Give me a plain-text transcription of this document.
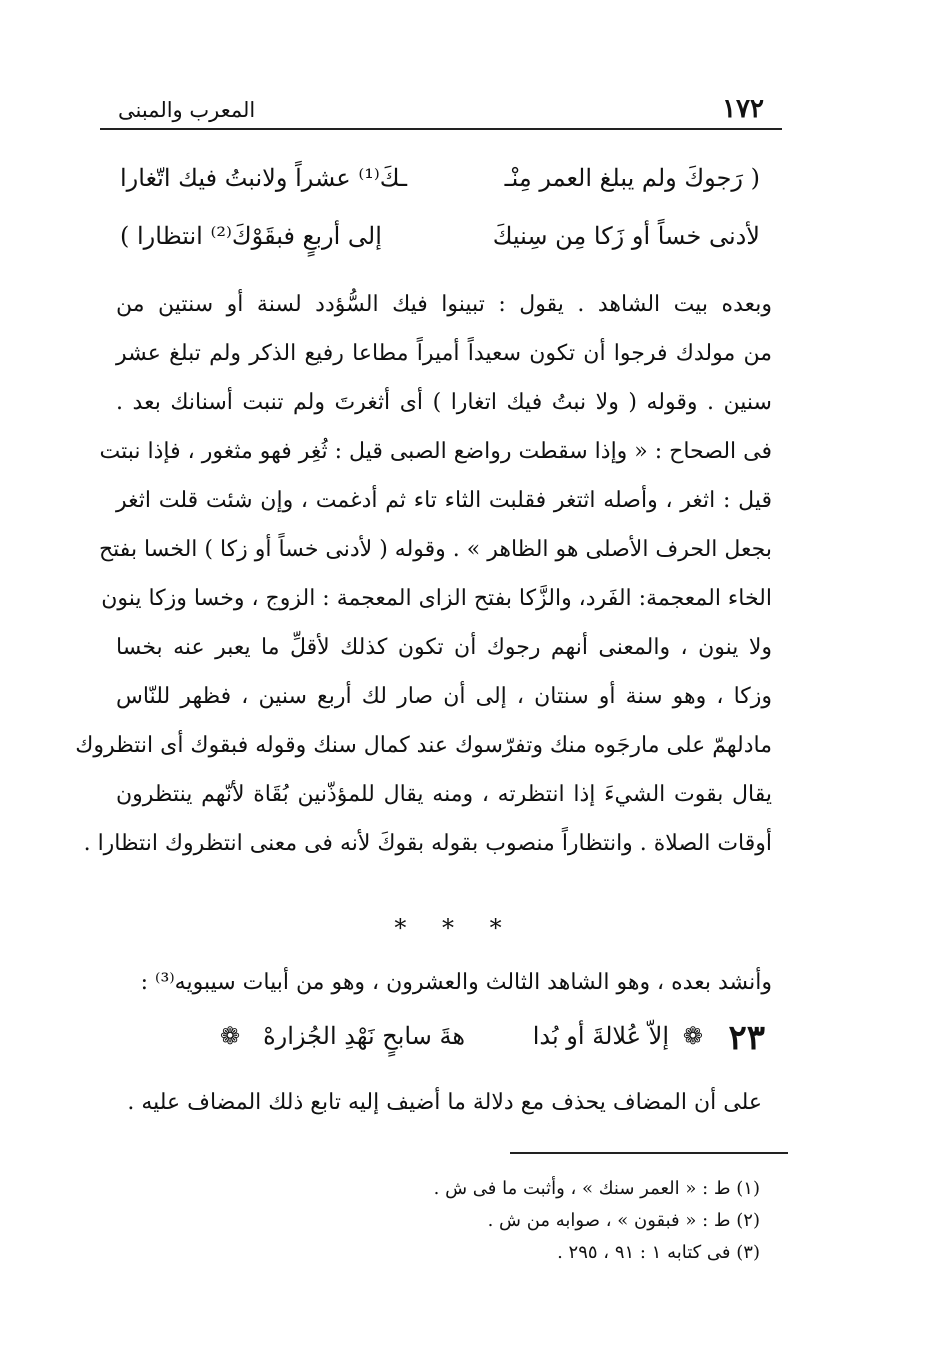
١٧٢
المعرب والمبنى
( رَجوكَ ولم يبلغ العمر مِنْـ
ـكَ⁽¹⁾ عشراً ولانبتُ فيك اتّغارا
لأدنى خساً أو زَكا مِن سِنيكَ
إلى أربعٍ فبقَوْكَ⁽²⁾ انتظارا )
وبعده بيت الشاهد . يقول : تبينوا فيك السُّؤدد لسنة أو سنتين من
من مولدك فرجوا أن تكون سعيداً أميراً مطاعا رفيع الذكر ولم تبلغ عشر
سنين . وقوله ( ولا نبتُ فيك اتغارا ) أى أثغرتَ ولم تنبت أسنانك بعد .
فى الصحاح : « وإذا سقطت رواضع الصبى قيل : ثُغِر فهو مثغور ، فإذا نبتت
قيل : اثغر ، وأصله اثتغر فقلبت الثاء تاء ثم أدغمت ، وإن شئت قلت اثغر
بجعل الحرف الأصلى هو الظاهر » . وقوله ( لأدنى خساً أو زكا ) الخسا بفتح
الخاء المعجمة: الفَرد، والزَّكا بفتح الزاى المعجمة : الزوج ، وخسا وزكا ينون
ولا ينون ، والمعنى أنهم رجوك أن تكون كذلك لأقلِّ ما يعبر عنه بخسا
وزكا ، وهو سنة أو سنتان ، إلى أن صار لك أربع سنين ، فظهر للنّاس
مادلهمّ على مارجَوه منك وتفرّسوك عند كمال سنك وقوله فبقوك أى انتظروك
يقال بقوت الشيءَ إذا انتظرته ، ومنه يقال للمؤذّنين بُقَاة لأنّهم ينتظرون
أوقات الصلاة . وانتظاراً منصوب بقوله بقوكَ لأنه فى معنى انتظروك انتظارا .
* * *
وأنشد بعده ، وهو الشاهد الثالث والعشرون ، وهو من أبيات سيبويه⁽³⁾ :
٢٣
❁
إلاّ عُلالةَ أو بُدا
هةَ سابحٍ نَهْدِ الجُزارهْ
❁
على أن المضاف يحذف مع دلالة ما أضيف إليه تابع ذلك المضاف عليه .
(١) ط : « العمر سنك » ، وأثبت ما فى ش .
(٢) ط : « فبقون » ، صوابه من ش .
(٣) فى كتابه ١ : ٩١ ، ٢٩٥ .
